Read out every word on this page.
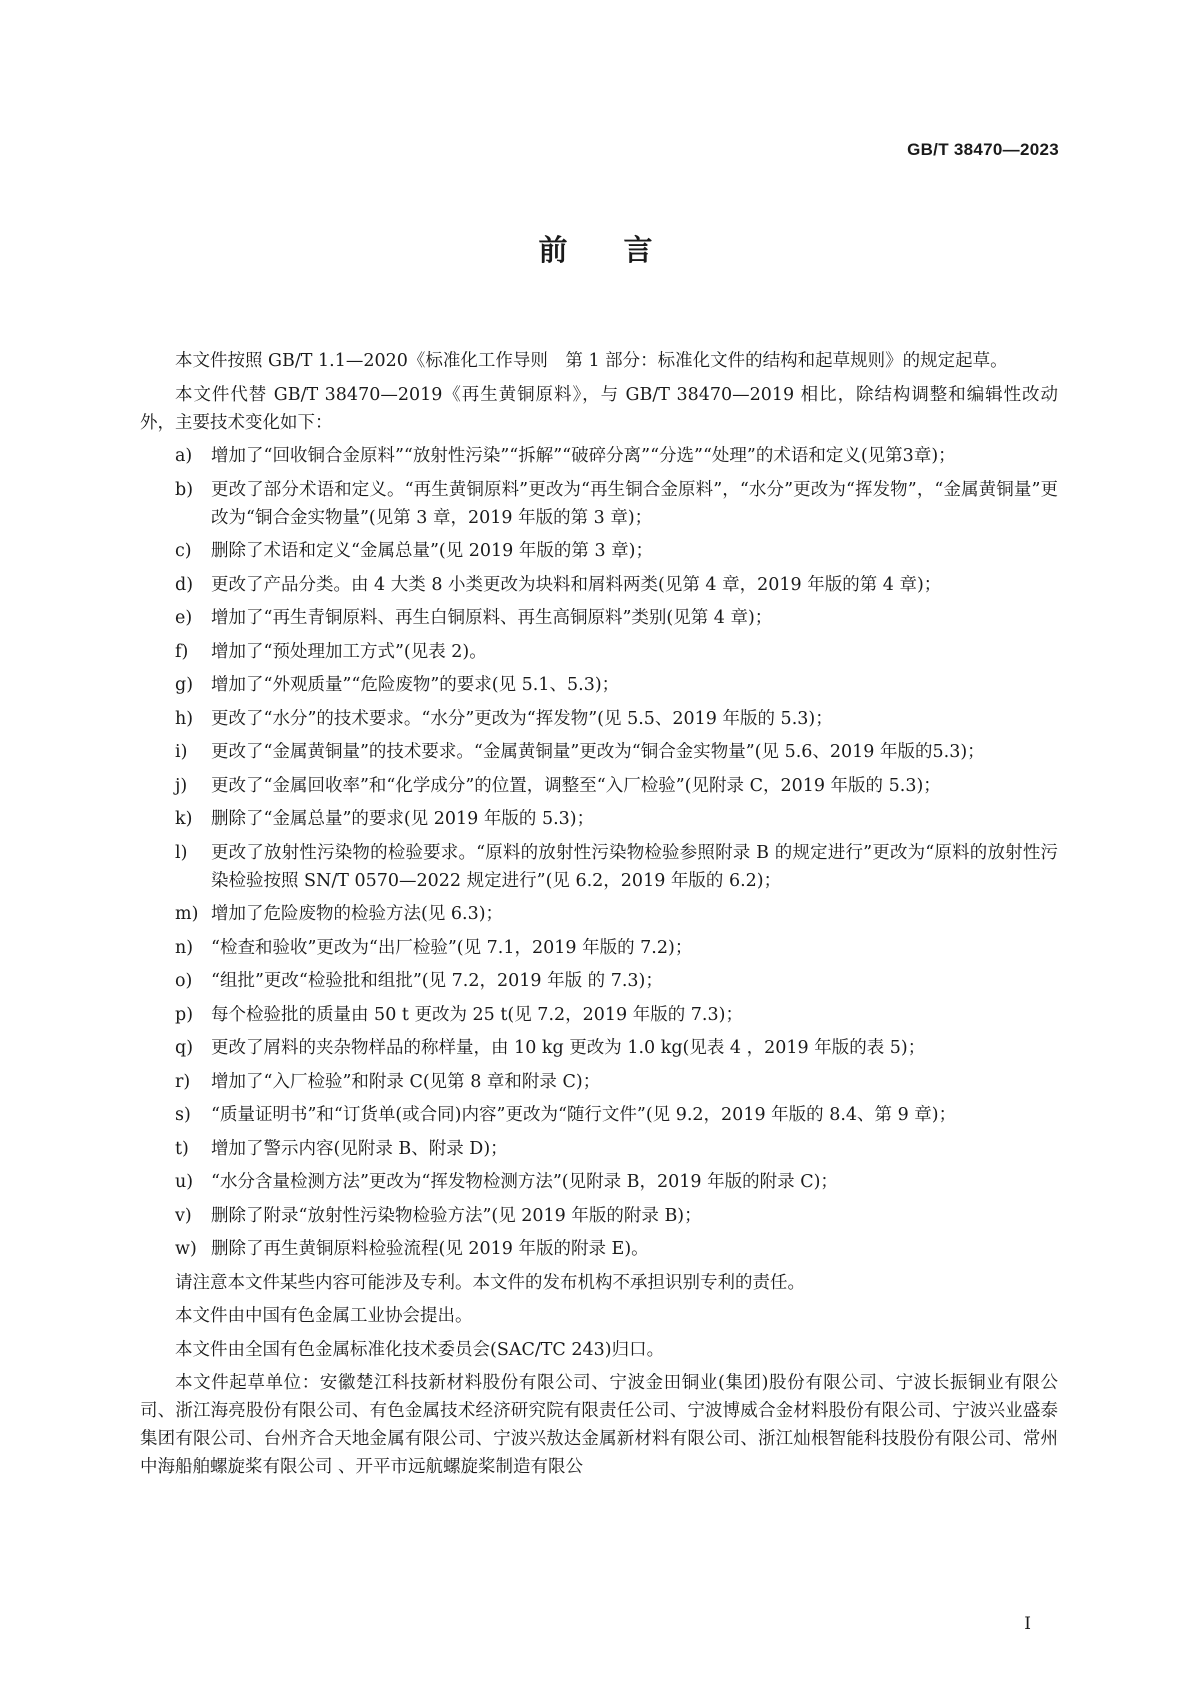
GB/T 38470—2023
前言
本文件按照 GB/T 1.1—2020《标准化工作导则　第 1 部分：标准化文件的结构和起草规则》的规定起草。
本文件代替 GB/T 38470—2019《再生黄铜原料》，与 GB/T 38470—2019 相比，除结构调整和编辑性改动外，主要技术变化如下：
a)	增加了“回收铜合金原料”“放射性污染”“拆解”“破碎分离”“分选”“处理”的术语和定义(见第3章)；
b)	更改了部分术语和定义。“再生黄铜原料”更改为“再生铜合金原料”，“水分”更改为“挥发物”，“金属黄铜量”更改为“铜合金实物量”(见第 3 章，2019 年版的第 3 章)；
c)	删除了术语和定义“金属总量”(见 2019 年版的第 3 章)；
d)	更改了产品分类。由 4 大类 8 小类更改为块料和屑料两类(见第 4 章，2019 年版的第 4 章)；
e)	增加了“再生青铜原料、再生白铜原料、再生高铜原料”类别(见第 4 章)；
f)	增加了“预处理加工方式”(见表 2)。
g)	增加了“外观质量”“危险废物”的要求(见 5.1、5.3)；
h)	更改了“水分”的技术要求。“水分”更改为“挥发物”(见 5.5、2019 年版的 5.3)；
i)	更改了“金属黄铜量”的技术要求。“金属黄铜量”更改为“铜合金实物量”(见 5.6、2019 年版的5.3)；
j)	更改了“金属回收率”和“化学成分”的位置，调整至“入厂检验”(见附录 C，2019 年版的 5.3)；
k)	删除了“金属总量”的要求(见 2019 年版的 5.3)；
l)	更改了放射性污染物的检验要求。“原料的放射性污染物检验参照附录 B 的规定进行”更改为“原料的放射性污染检验按照 SN/T 0570—2022 规定进行”(见 6.2，2019 年版的 6.2)；
m) 增加了危险废物的检验方法(见 6.3)；
n)	“检查和验收”更改为“出厂检验”(见 7.1，2019 年版的 7.2)；
o)	“组批”更改“检验批和组批”(见 7.2，2019 年版 的 7.3)；
p)	每个检验批的质量由 50 t 更改为 25 t(见 7.2，2019 年版的 7.3)；
q)	更改了屑料的夹杂物样品的称样量，由 10 kg 更改为 1.0 kg(见表 4 ，2019 年版的表 5)；
r)	增加了“入厂检验”和附录 C(见第 8 章和附录 C)；
s)	“质量证明书”和“订货单(或合同)内容”更改为“随行文件”(见 9.2，2019 年版的 8.4、第 9 章)；
t)	增加了警示内容(见附录 B、附录 D)；
u)	“水分含量检测方法”更改为“挥发物检测方法”(见附录 B，2019 年版的附录 C)；
v)	删除了附录“放射性污染物检验方法”(见 2019 年版的附录 B)；
w) 删除了再生黄铜原料检验流程(见 2019 年版的附录 E)。
请注意本文件某些内容可能涉及专利。本文件的发布机构不承担识别专利的责任。
本文件由中国有色金属工业协会提出。
本文件由全国有色金属标准化技术委员会(SAC/TC 243)归口。
本文件起草单位：安徽楚江科技新材料股份有限公司、宁波金田铜业(集团)股份有限公司、宁波长振铜业有限公司、浙江海亮股份有限公司、有色金属技术经济研究院有限责任公司、宁波博威合金材料股份有限公司、宁波兴业盛泰集团有限公司、台州齐合天地金属有限公司、宁波兴敖达金属新材料有限公司、浙江灿根智能科技股份有限公司、常州中海船舶螺旋桨有限公司 、开平市远航螺旋桨制造有限公
I
